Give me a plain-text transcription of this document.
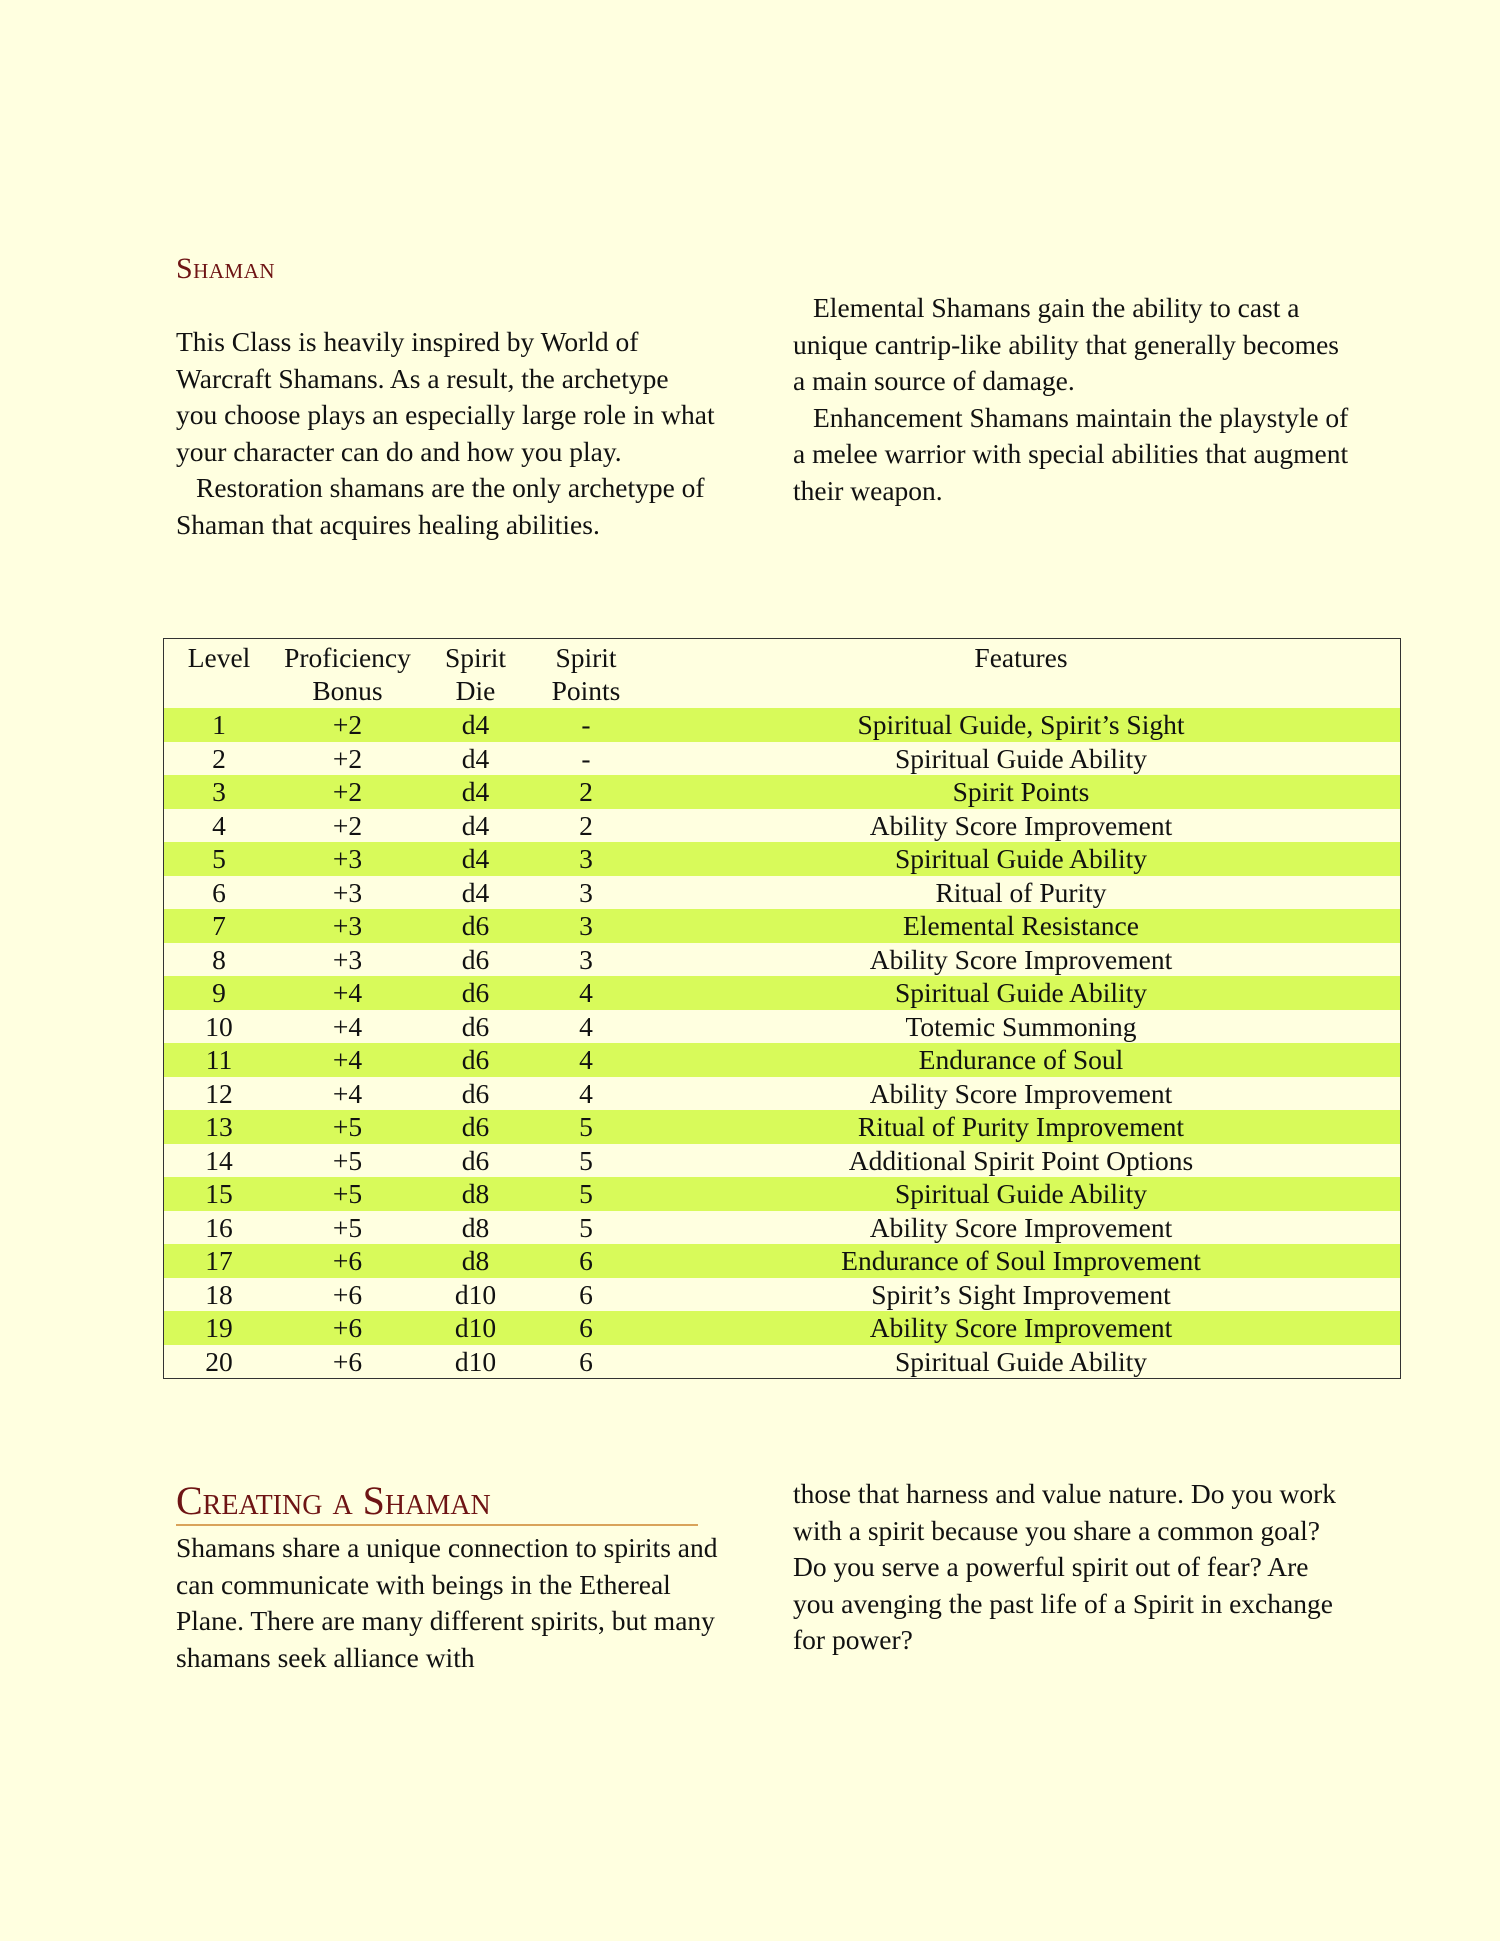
Shaman

This Class is heavily inspired by World of Warcraft Shamans. As a result, the archetype you choose plays an especially large role in what your character can do and how you play.

Restoration shamans are the only archetype of Shaman that acquires healing abilities.

Elemental Shamans gain the ability to cast a unique cantrip-like ability that generally becomes a main source of damage.

Enhancement Shamans maintain the playstyle of a melee warrior with special abilities that augment their weapon.

Level	Proficiency Bonus	Spirit Die	Spirit Points	Features
1	+2	d4	-	Spiritual Guide, Spirit’s Sight
2	+2	d4	-	Spiritual Guide Ability
3	+2	d4	2	Spirit Points
4	+2	d4	2	Ability Score Improvement
5	+3	d4	3	Spiritual Guide Ability
6	+3	d4	3	Ritual of Purity
7	+3	d6	3	Elemental Resistance
8	+3	d6	3	Ability Score Improvement
9	+4	d6	4	Spiritual Guide Ability
10	+4	d6	4	Totemic Summoning
11	+4	d6	4	Endurance of Soul
12	+4	d6	4	Ability Score Improvement
13	+5	d6	5	Ritual of Purity Improvement
14	+5	d6	5	Additional Spirit Point Options
15	+5	d8	5	Spiritual Guide Ability
16	+5	d8	5	Ability Score Improvement
17	+6	d8	6	Endurance of Soul Improvement
18	+6	d10	6	Spirit’s Sight Improvement
19	+6	d10	6	Ability Score Improvement
20	+6	d10	6	Spiritual Guide Ability
Creating a Shaman

Shamans share a unique connection to spirits and can communicate with beings in the Ethereal Plane. There are many different spirits, but many shamans seek alliance with

those that harness and value nature. Do you work with a spirit because you share a common goal? Do you serve a powerful spirit out of fear? Are you avenging the past life of a Spirit in exchange for power?
